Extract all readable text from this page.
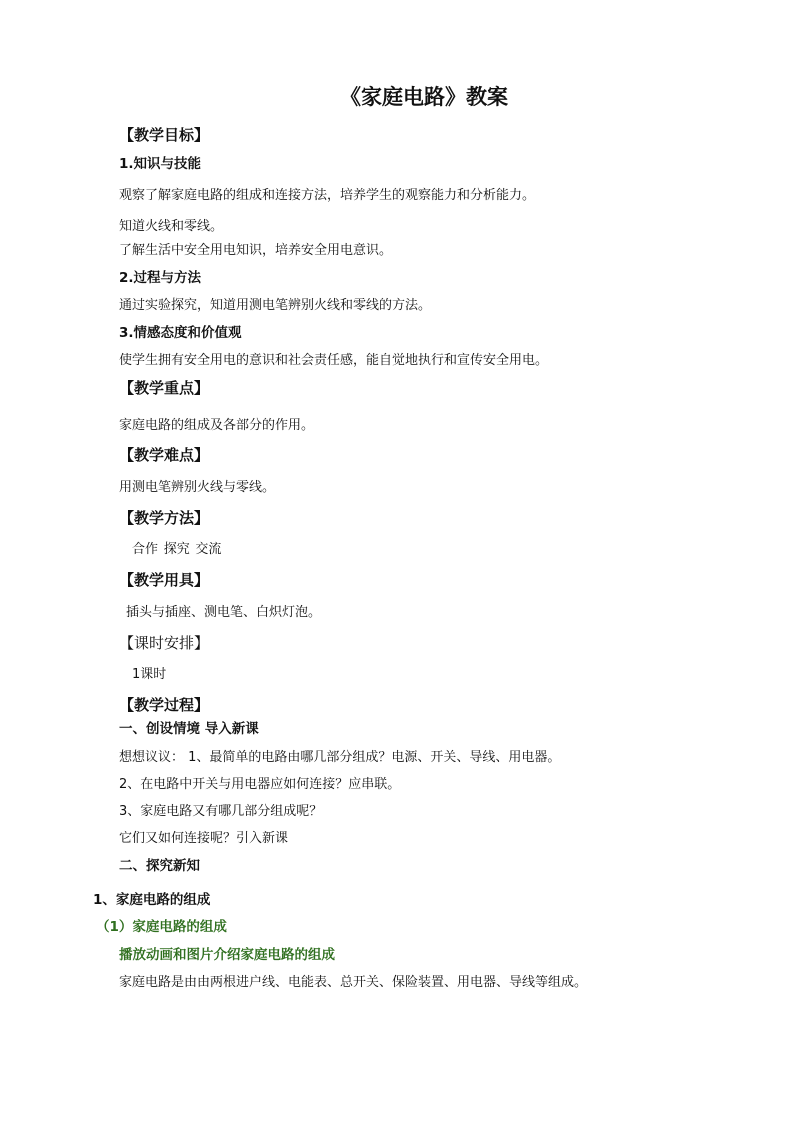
《家庭电路》教案
【教学目标】
1.知识与技能
观察了解家庭电路的组成和连接方法，培养学生的观察能力和分析能力。
知道火线和零线。
了解生活中安全用电知识，培养安全用电意识。
2.过程与方法
通过实验探究，知道用测电笔辨别火线和零线的方法。
3.情感态度和价值观
使学生拥有安全用电的意识和社会责任感，能自觉地执行和宣传安全用电。
【教学重点】
家庭电路的组成及各部分的作用。
【教学难点】
用测电笔辨别火线与零线。
【教学方法】
合作 探究 交流
【教学用具】
插头与插座、测电笔、白炽灯泡。
【课时安排】
1课时
【教学过程】
一、创设情境 导入新课
想想议议： 1、最简单的电路由哪几部分组成？电源、开关、导线、用电器。
2、在电路中开关与用电器应如何连接？应串联。
3、家庭电路又有哪几部分组成呢？
它们又如何连接呢？引入新课
二、探究新知
1、家庭电路的组成
（1）家庭电路的组成
播放动画和图片介绍家庭电路的组成
家庭电路是由由两根进户线、电能表、总开关、保险装置、用电器、导线等组成。
